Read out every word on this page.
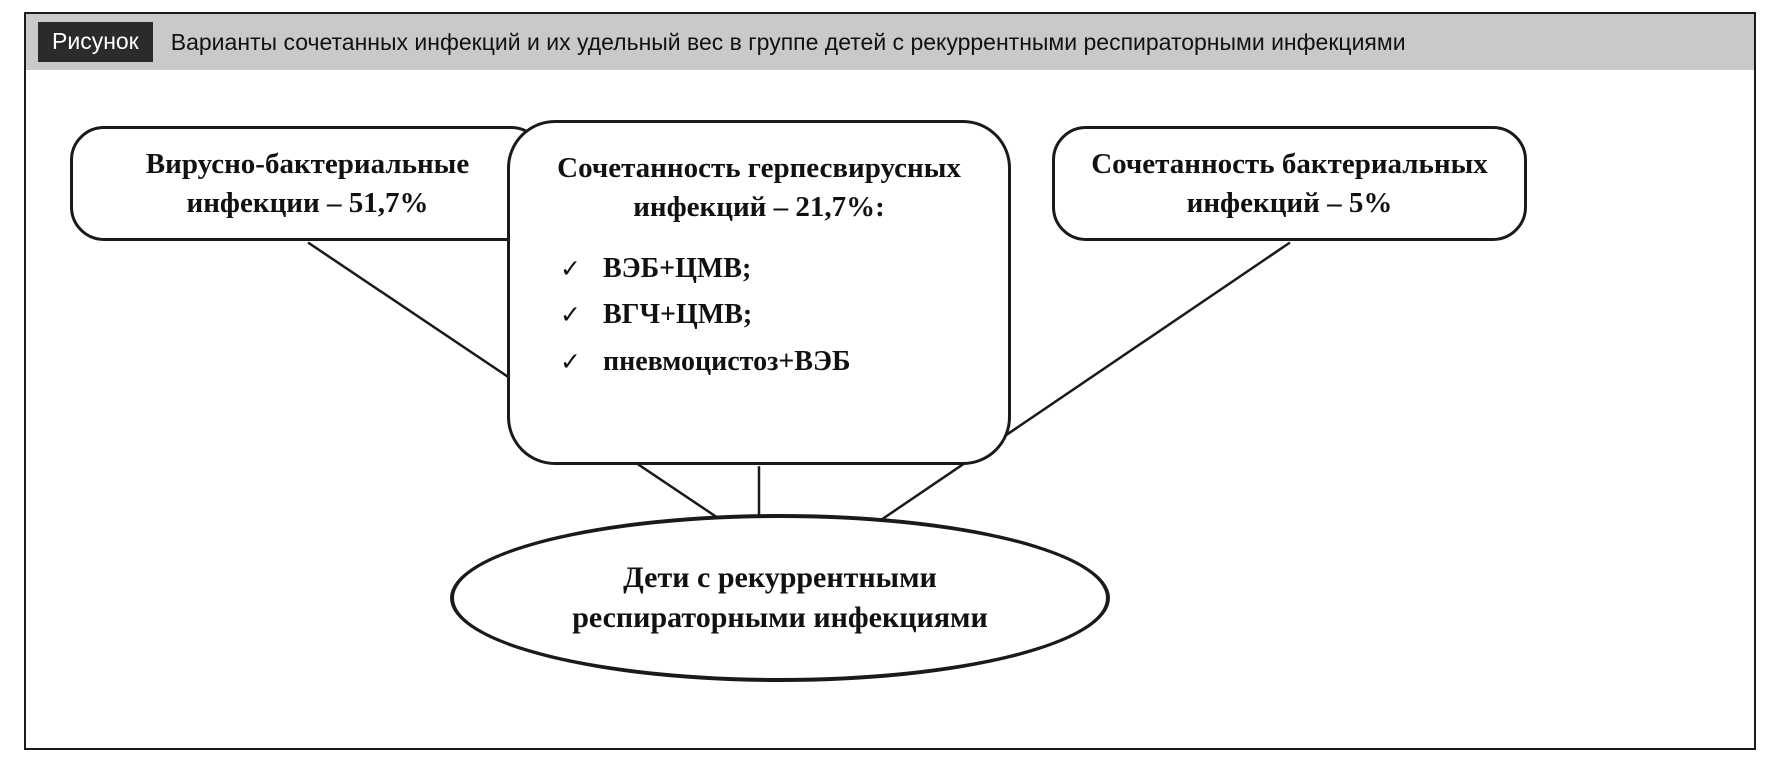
Рисунок	Варианты сочетанных инфекций и их удельный вес в группе детей с рекуррентными респираторными инфекциями
Вирусно-бактериальные
инфекции – 51,7%
Сочетанность герпесвирусных
инфекций – 21,7%:
✓ ВЭБ+ЦМВ;
✓ ВГЧ+ЦМВ;
✓ пневмоцистоз+ВЭБ
Сочетанность бактериальных
инфекций – 5%
Дети с рекуррентными
респираторными инфекциями
